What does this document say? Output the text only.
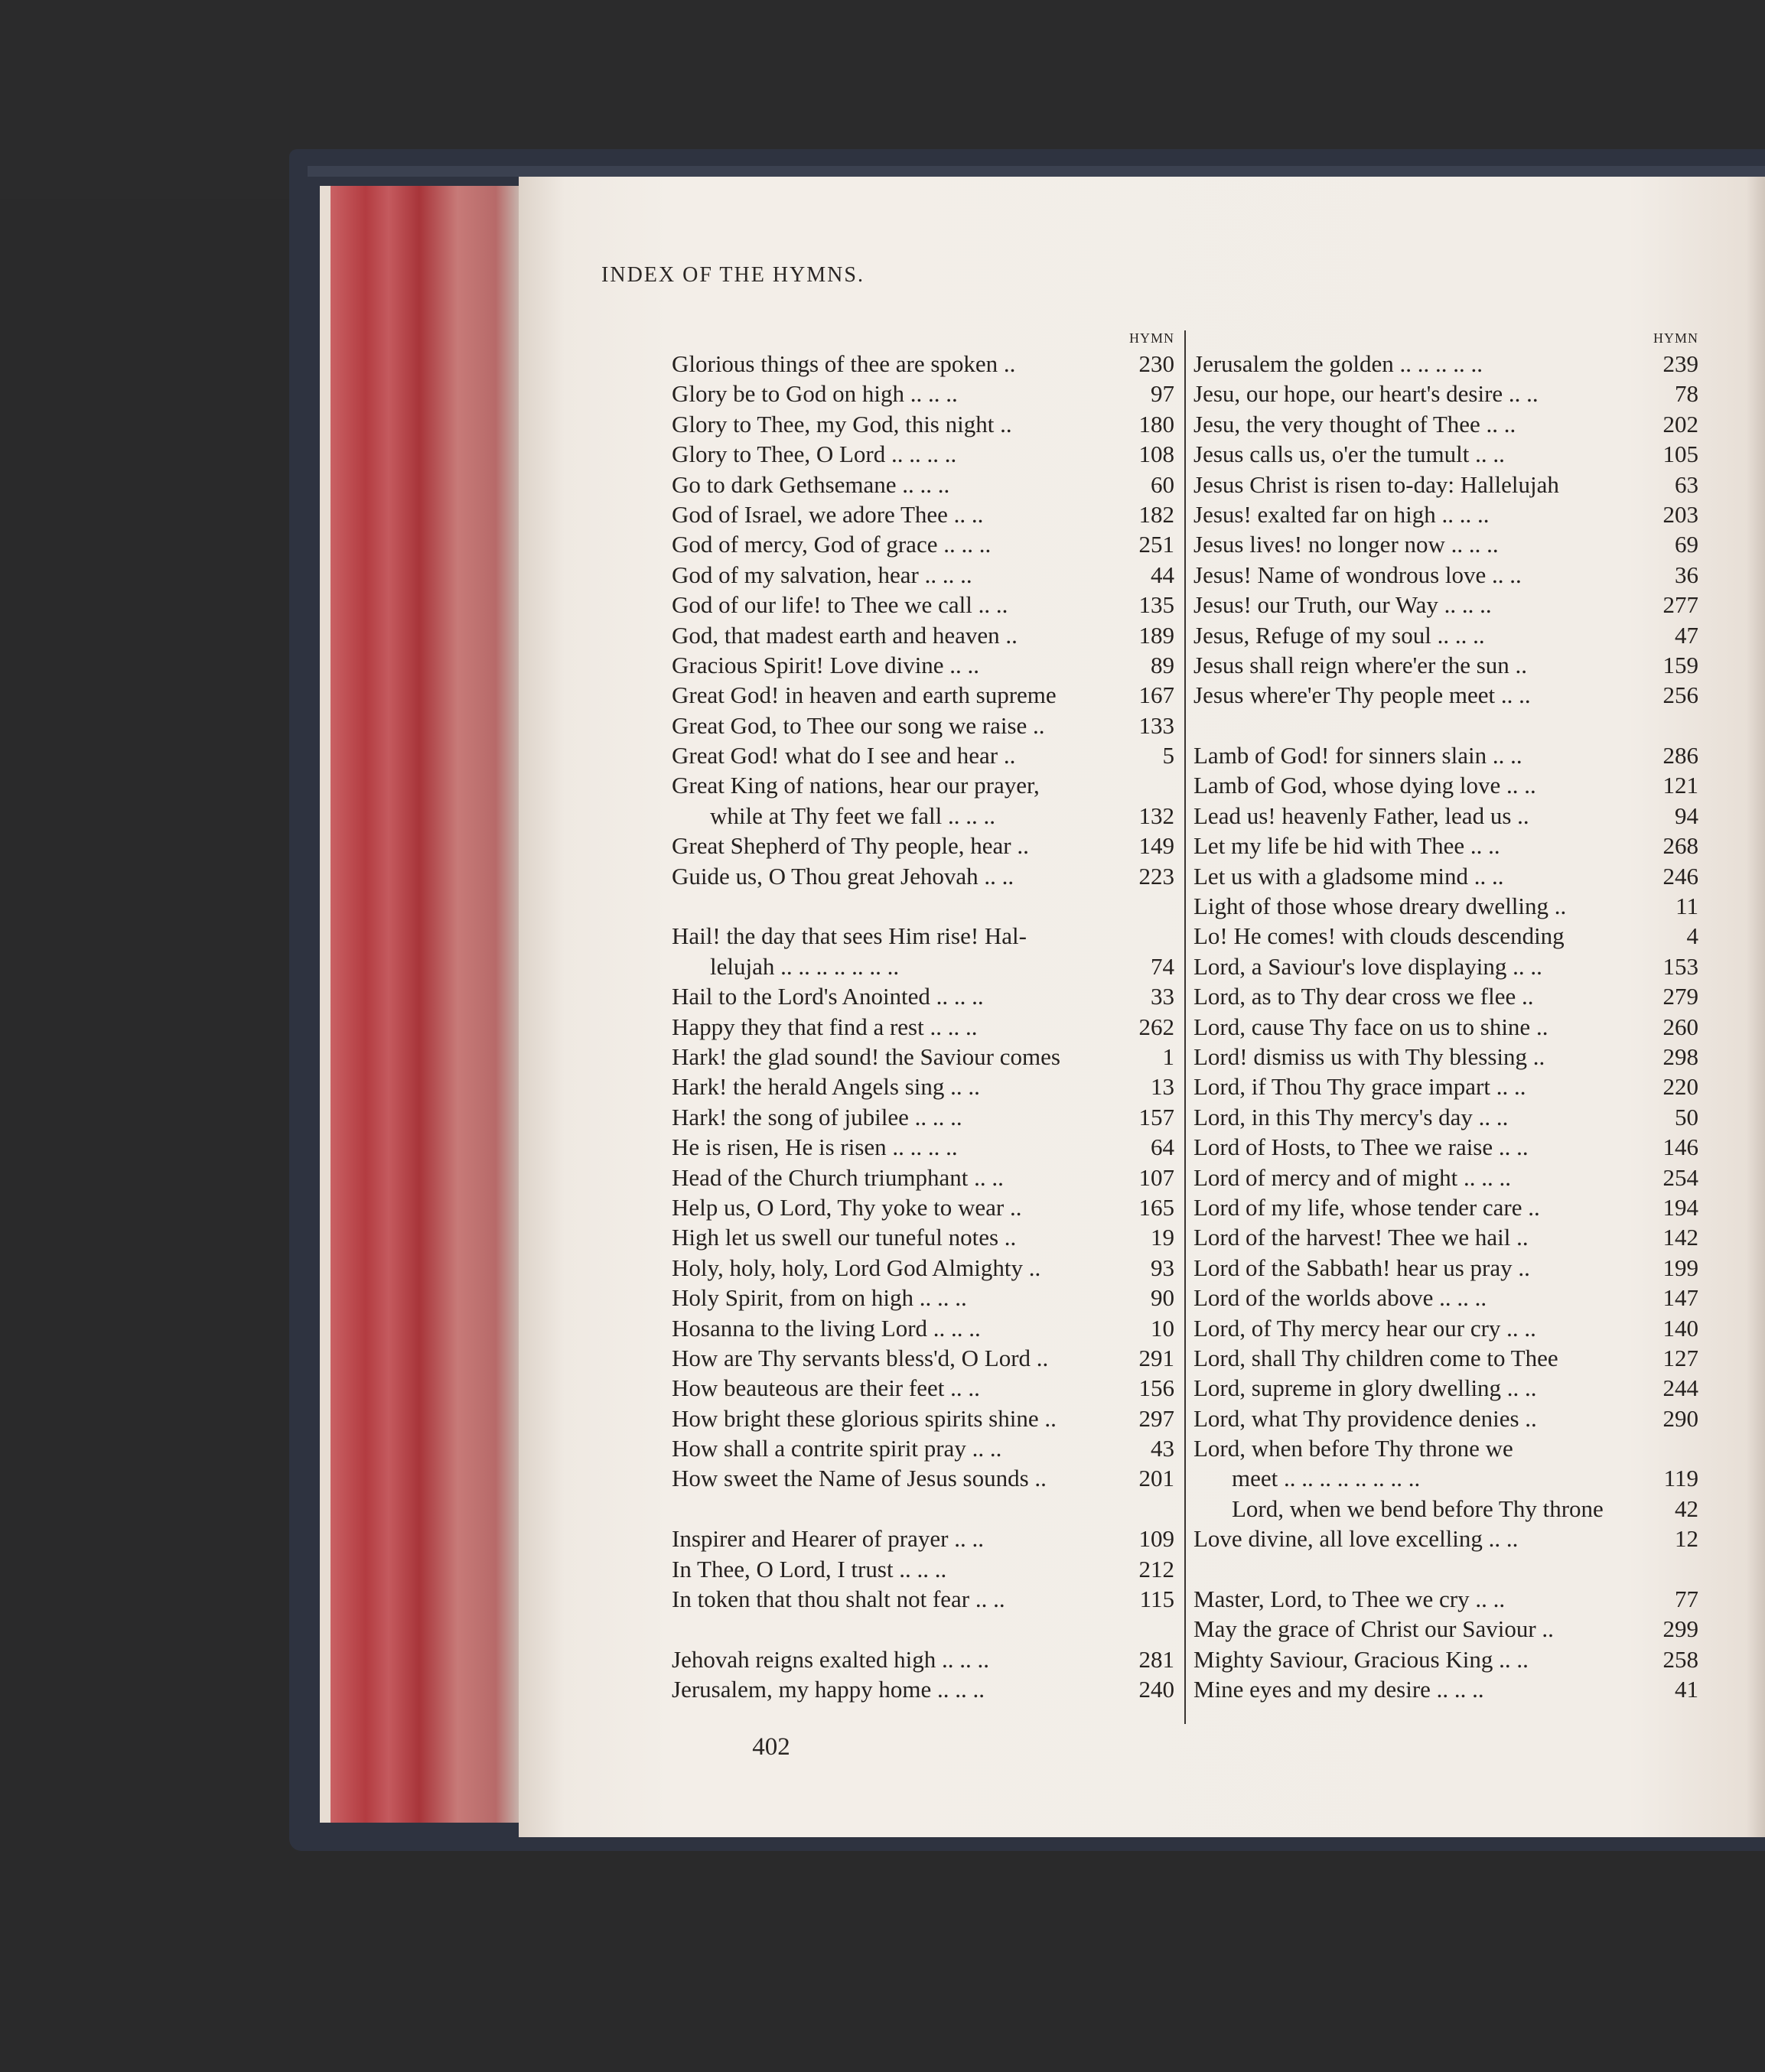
INDEX OF THE HYMNS.
HYMN
Glorious things of thee are spoken ..	230
Glory be to God on high .. .. ..	97
Glory to Thee, my God, this night ..	180
Glory to Thee, O Lord .. .. .. ..	108
Go to dark Gethsemane .. .. ..	60
God of Israel, we adore Thee .. ..	182
God of mercy, God of grace .. .. ..	251
God of my salvation, hear .. .. ..	44
God of our life! to Thee we call .. ..	135
God, that madest earth and heaven ..	189
Gracious Spirit! Love divine .. ..	89
Great God! in heaven and earth supreme	167
Great God, to Thee our song we raise ..	133
Great God! what do I see and hear ..	5
Great King of nations, hear our prayer,
while at Thy feet we fall .. .. ..	132
Great Shepherd of Thy people, hear ..	149
Guide us, O Thou great Jehovah .. ..	223
Hail! the day that sees Him rise! Hal-
lelujah .. .. .. .. .. .. ..	74
Hail to the Lord's Anointed .. .. ..	33
Happy they that find a rest .. .. ..	262
Hark! the glad sound! the Saviour comes	1
Hark! the herald Angels sing .. ..	13
Hark! the song of jubilee .. .. ..	157
He is risen, He is risen .. .. .. ..	64
Head of the Church triumphant .. ..	107
Help us, O Lord, Thy yoke to wear ..	165
High let us swell our tuneful notes ..	19
Holy, holy, holy, Lord God Almighty ..	93
Holy Spirit, from on high .. .. ..	90
Hosanna to the living Lord .. .. ..	10
How are Thy servants bless'd, O Lord ..	291
How beauteous are their feet .. ..	156
How bright these glorious spirits shine ..	297
How shall a contrite spirit pray .. ..	43
How sweet the Name of Jesus sounds ..	201
Inspirer and Hearer of prayer .. ..	109
In Thee, O Lord, I trust .. .. ..	212
In token that thou shalt not fear .. ..	115
Jehovah reigns exalted high .. .. ..	281
Jerusalem, my happy home .. .. ..	240
HYMN
Jerusalem the golden .. .. .. .. ..	239
Jesu, our hope, our heart's desire .. ..	78
Jesu, the very thought of Thee .. ..	202
Jesus calls us, o'er the tumult .. ..	105
Jesus Christ is risen to-day: Hallelujah	63
Jesus! exalted far on high .. .. ..	203
Jesus lives! no longer now .. .. ..	69
Jesus! Name of wondrous love .. ..	36
Jesus! our Truth, our Way .. .. ..	277
Jesus, Refuge of my soul .. .. ..	47
Jesus shall reign where'er the sun ..	159
Jesus where'er Thy people meet .. ..	256
Lamb of God! for sinners slain .. ..	286
Lamb of God, whose dying love .. ..	121
Lead us! heavenly Father, lead us ..	94
Let my life be hid with Thee .. ..	268
Let us with a gladsome mind .. ..	246
Light of those whose dreary dwelling ..	11
Lo! He comes! with clouds descending	4
Lord, a Saviour's love displaying .. ..	153
Lord, as to Thy dear cross we flee ..	279
Lord, cause Thy face on us to shine ..	260
Lord! dismiss us with Thy blessing ..	298
Lord, if Thou Thy grace impart .. ..	220
Lord, in this Thy mercy's day .. ..	50
Lord of Hosts, to Thee we raise .. ..	146
Lord of mercy and of might .. .. ..	254
Lord of my life, whose tender care ..	194
Lord of the harvest! Thee we hail ..	142
Lord of the Sabbath! hear us pray ..	199
Lord of the worlds above .. .. ..	147
Lord, of Thy mercy hear our cry .. ..	140
Lord, shall Thy children come to Thee	127
Lord, supreme in glory dwelling .. ..	244
Lord, what Thy providence denies ..	290
Lord, when before Thy throne we
meet .. .. .. .. .. .. .. ..	119
Lord, when we bend before Thy throne	42
Love divine, all love excelling .. ..	12
Master, Lord, to Thee we cry .. ..	77
May the grace of Christ our Saviour ..	299
Mighty Saviour, Gracious King .. ..	258
Mine eyes and my desire .. .. ..	41
402
